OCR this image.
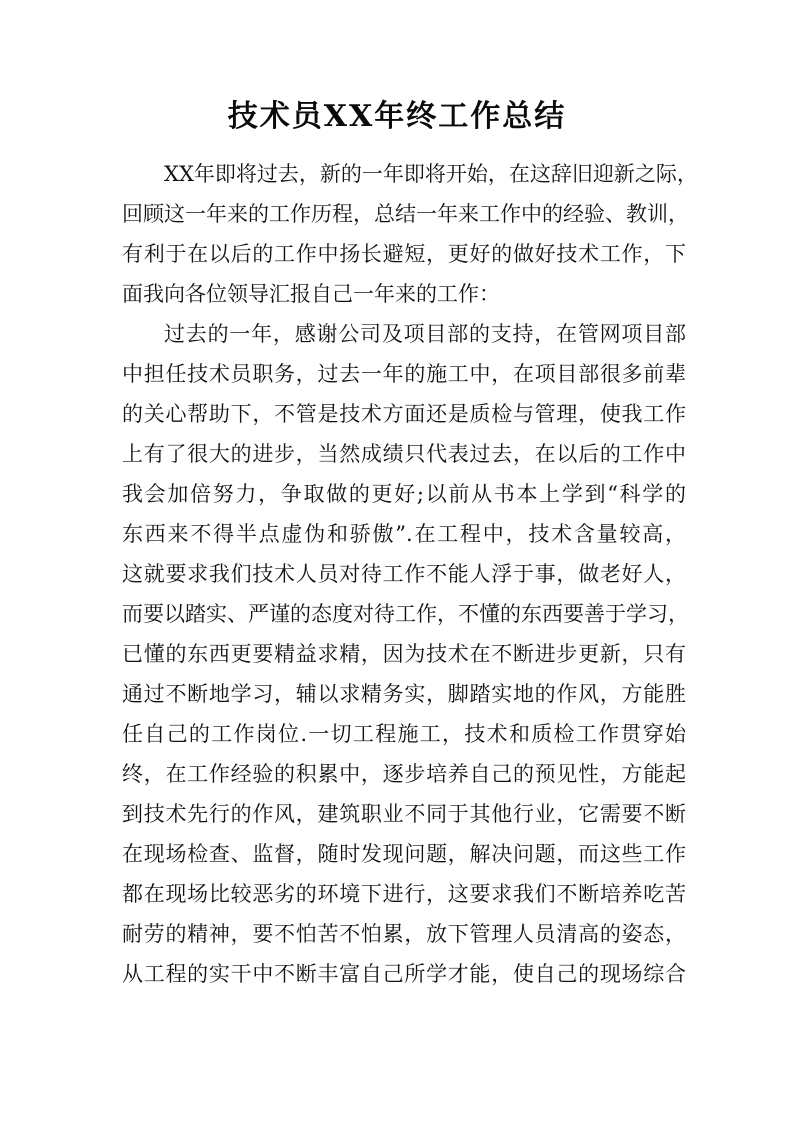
技术员XX年终工作总结
XX年即将过去，新的一年即将开始，在这辞旧迎新之际，
回顾这一年来的工作历程，总结一年来工作中的经验、教训，
有利于在以后的工作中扬长避短，更好的做好技术工作，下
面我向各位领导汇报自己一年来的工作：
过去的一年，感谢公司及项目部的支持，在管网项目部
中担任技术员职务，过去一年的施工中，在项目部很多前辈
的关心帮助下，不管是技术方面还是质检与管理，使我工作
上有了很大的进步，当然成绩只代表过去，在以后的工作中
我会加倍努力，争取做的更好;以前从书本上学到“科学的
东西来不得半点虚伪和骄傲”.在工程中，技术含量较高，
这就要求我们技术人员对待工作不能人浮于事，做老好人，
而要以踏实、严谨的态度对待工作，不懂的东西要善于学习，
已懂的东西更要精益求精，因为技术在不断进步更新，只有
通过不断地学习，辅以求精务实，脚踏实地的作风，方能胜
任自己的工作岗位.一切工程施工，技术和质检工作贯穿始
终，在工作经验的积累中，逐步培养自己的预见性，方能起
到技术先行的作风，建筑职业不同于其他行业，它需要不断
在现场检查、监督，随时发现问题，解决问题，而这些工作
都在现场比较恶劣的环境下进行，这要求我们不断培养吃苦
耐劳的精神，要不怕苦不怕累，放下管理人员清高的姿态，
从工程的实干中不断丰富自己所学才能，使自己的现场综合
